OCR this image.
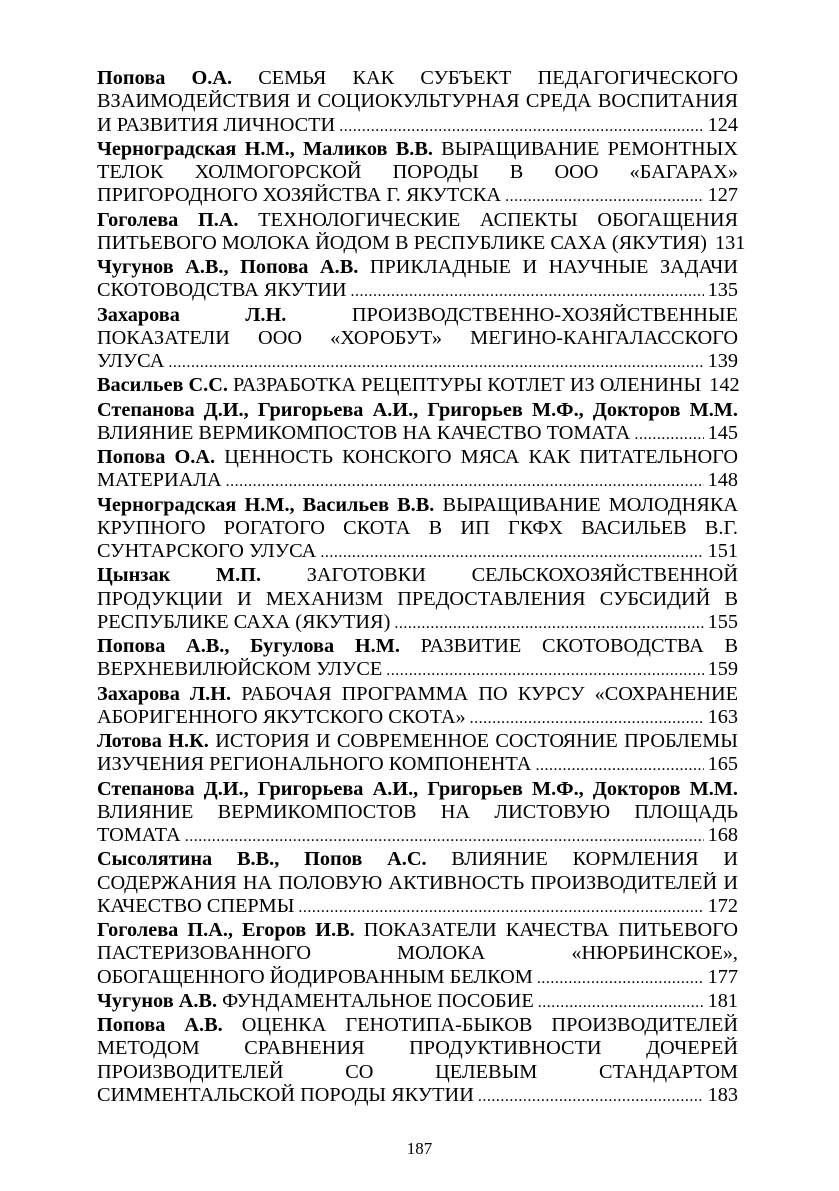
Попова О.А. СЕМЬЯ КАК СУБЪЕКТ ПЕДАГОГИЧЕСКОГО
ВЗАИМОДЕЙСТВИЯ И СОЦИОКУЛЬТУРНАЯ СРЕДА ВОСПИТАНИЯ
И РАЗВИТИЯ ЛИЧНОСТИ .....	124
Черноградская Н.М., Маликов В.В. ВЫРАЩИВАНИЕ РЕМОНТНЫХ
ТЕЛОК ХОЛМОГОРСКОЙ ПОРОДЫ В ООО «БАГАРАХ»
ПРИГОРОДНОГО ХОЗЯЙСТВА Г. ЯКУТСКА .....	127
Гоголева П.А. ТЕХНОЛОГИЧЕСКИЕ АСПЕКТЫ ОБОГАЩЕНИЯ
ПИТЬЕВОГО МОЛОКА ЙОДОМ В РЕСПУБЛИКЕ САХА (ЯКУТИЯ) 131
Чугунов А.В., Попова А.В. ПРИКЛАДНЫЕ И НАУЧНЫЕ ЗАДАЧИ
СКОТОВОДСТВА ЯКУТИИ .....	135
Захарова Л.Н.	ПРОИЗВОДСТВЕННО-ХОЗЯЙСТВЕННЫЕ
ПОКАЗАТЕЛИ ООО «ХОРОБУТ» МЕГИНО-КАНГАЛАССКОГО
УЛУСА .....	139
Васильев С.С. РАЗРАБОТКА РЕЦЕПТУРЫ КОТЛЕТ ИЗ ОЛЕНИНЫ 142
Степанова Д.И., Григорьева А.И., Григорьев М.Ф., Докторов М.М.
ВЛИЯНИЕ ВЕРМИКОМПОСТОВ НА КАЧЕСТВО ТОМАТА .....	145
Попова О.А. ЦЕННОСТЬ КОНСКОГО МЯСА КАК ПИТАТЕЛЬНОГО
МАТЕРИАЛА .....	148
Черноградская Н.М., Васильев В.В. ВЫРАЩИВАНИЕ МОЛОДНЯКА
КРУПНОГО РОГАТОГО СКОТА В ИП ГКФХ ВАСИЛЬЕВ В.Г.
СУНТАРСКОГО УЛУСА .....	151
Цынзак М.П. ЗАГОТОВКИ СЕЛЬСКОХОЗЯЙСТВЕННОЙ
ПРОДУКЦИИ И МЕХАНИЗМ ПРЕДОСТАВЛЕНИЯ СУБСИДИЙ В
РЕСПУБЛИКЕ САХА (ЯКУТИЯ) .....	155
Попова А.В., Бугулова Н.М. РАЗВИТИЕ СКОТОВОДСТВА В
ВЕРХНЕВИЛЮЙСКОМ УЛУСЕ .....	159
Захарова Л.Н. РАБОЧАЯ ПРОГРАММА ПО КУРСУ «СОХРАНЕНИЕ
АБОРИГЕННОГО ЯКУТСКОГО СКОТА» .....	163
Лотова Н.К. ИСТОРИЯ И СОВРЕМЕННОЕ СОСТОЯНИЕ ПРОБЛЕМЫ
ИЗУЧЕНИЯ РЕГИОНАЛЬНОГО КОМПОНЕНТА .....	165
Степанова Д.И., Григорьева А.И., Григорьев М.Ф., Докторов М.М. ВЛИЯНИЕ ВЕРМИКОМПОСТОВ НА ЛИСТОВУЮ ПЛОЩАДЬ
ТОМАТА .....	168
Сысолятина В.В., Попов А.С. ВЛИЯНИЕ КОРМЛЕНИЯ И
СОДЕРЖАНИЯ НА ПОЛОВУЮ АКТИВНОСТЬ ПРОИЗВОДИТЕЛЕЙ И
КАЧЕСТВО СПЕРМЫ .....	172
Гоголева П.А., Егоров И.В. ПОКАЗАТЕЛИ КАЧЕСТВА ПИТЬЕВОГО
ПАСТЕРИЗОВАННОГО МОЛОКА «НЮРБИНСКОЕ»,
ОБОГАЩЕННОГО ЙОДИРОВАННЫМ БЕЛКОМ .....	177
Чугунов А.В. ФУНДАМЕНТАЛЬНОЕ ПОСОБИЕ .....	181
Попова А.В. ОЦЕНКА ГЕНОТИПА-БЫКОВ ПРОИЗВОДИТЕЛЕЙ
МЕТОДОМ СРАВНЕНИЯ ПРОДУКТИВНОСТИ ДОЧЕРЕЙ
ПРОИЗВОДИТЕЛЕЙ СО ЦЕЛЕВЫМ СТАНДАРТОМ
СИММЕНТАЛЬСКОЙ ПОРОДЫ ЯКУТИИ .....	183
187
